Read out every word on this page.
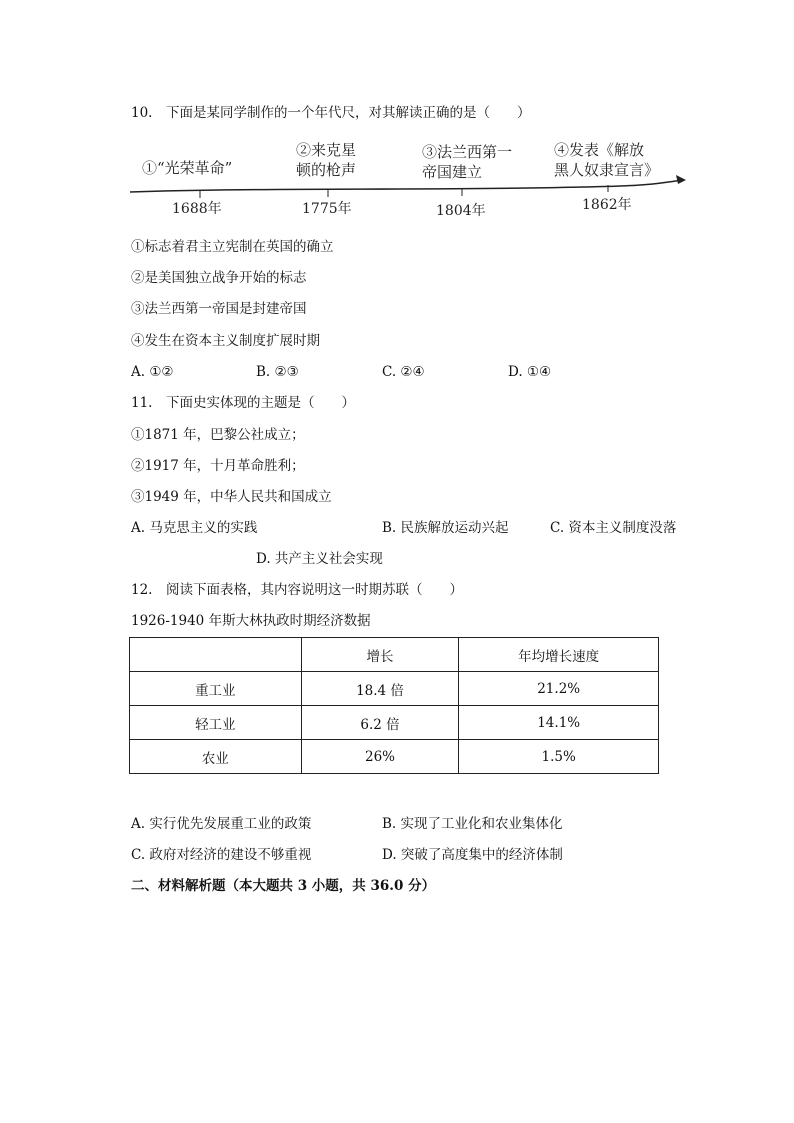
10.　下面是某同学制作的一个年代尺，对其解读正确的是（　　）
①“光荣革命”
1688年
②来克星
顿的枪声
1775年
③法兰西第一
帝国建立
1804年
④发表《解放
黑人奴隶宣言》
1862年
①标志着君主立宪制在英国的确立
②是美国独立战争开始的标志
③法兰西第一帝国是封建帝国
④发生在资本主义制度扩展时期
A. ①②	B. ②③	C. ②④	D. ①④
11.　下面史实体现的主题是（　　）
①1871 年，巴黎公社成立；
②1917 年，十月革命胜利；
③1949 年，中华人民共和国成立
A. 马克思主义的实践	B. 民族解放运动兴起	C. 资本主义制度没落
D. 共产主义社会实现
12.　阅读下面表格，其内容说明这一时期苏联（　　）
1926-1940 年斯大林执政时期经济数据
	增长	年均增长速度
重工业	18.4 倍	21.2%
轻工业	6.2 倍	14.1%
农业	26%	1.5%
A. 实行优先发展重工业的政策	B. 实现了工业化和农业集体化
C. 政府对经济的建设不够重视	D. 突破了高度集中的经济体制
二、材料解析题（本大题共 3 小题，共 36.0 分）
